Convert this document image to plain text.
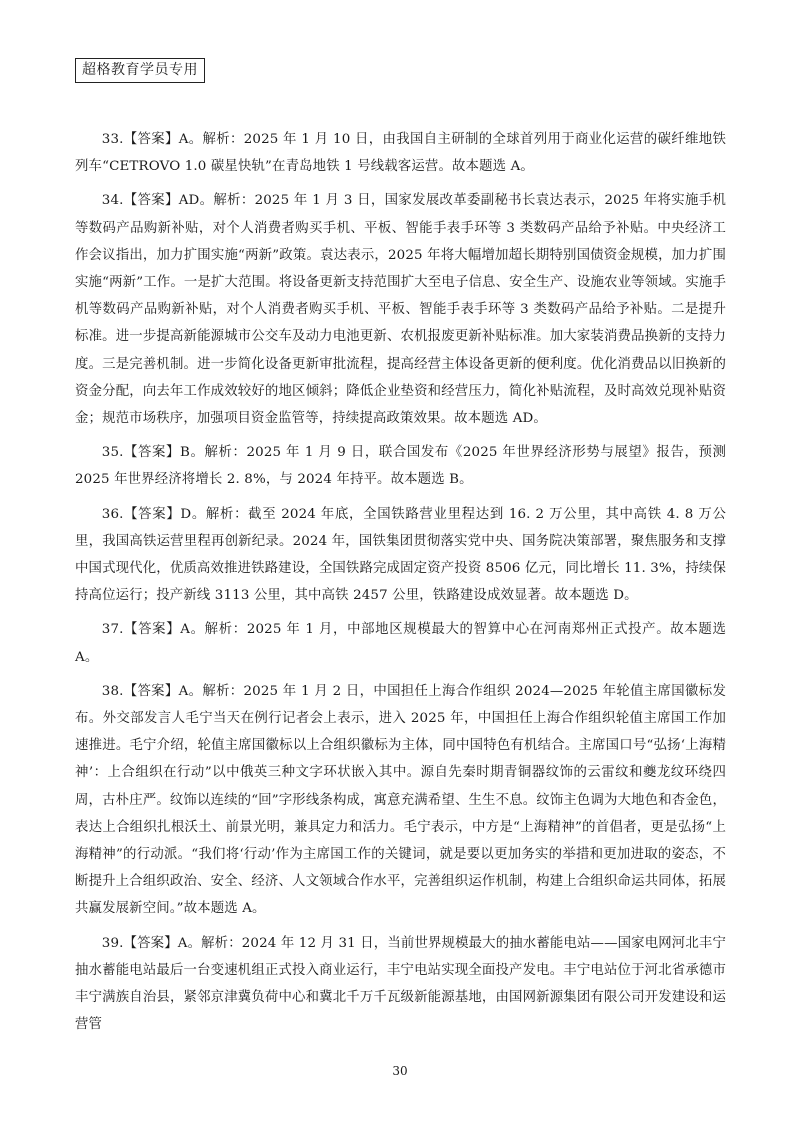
超格教育学员专用

33.【答案】A。解析：2025 年 1 月 10 日，由我国自主研制的全球首列用于商业化运营的碳纤维地铁列车“CETROVO 1.0 碳星快轨”在青岛地铁 1 号线载客运营。故本题选 A。

34.【答案】AD。解析：2025 年 1 月 3 日，国家发展改革委副秘书长袁达表示，2025 年将实施手机等数码产品购新补贴，对个人消费者购买手机、平板、智能手表手环等 3 类数码产品给予补贴。中央经济工作会议指出，加力扩围实施“两新”政策。袁达表示，2025 年将大幅增加超长期特别国债资金规模，加力扩围实施“两新”工作。一是扩大范围。将设备更新支持范围扩大至电子信息、安全生产、设施农业等领域。实施手机等数码产品购新补贴，对个人消费者购买手机、平板、智能手表手环等 3 类数码产品给予补贴。二是提升标准。进一步提高新能源城市公交车及动力电池更新、农机报废更新补贴标准。加大家装消费品换新的支持力度。三是完善机制。进一步简化设备更新审批流程，提高经营主体设备更新的便利度。优化消费品以旧换新的资金分配，向去年工作成效较好的地区倾斜；降低企业垫资和经营压力，简化补贴流程，及时高效兑现补贴资金；规范市场秩序，加强项目资金监管等，持续提高政策效果。故本题选 AD。

35.【答案】B。解析：2025 年 1 月 9 日，联合国发布《2025 年世界经济形势与展望》报告，预测 2025 年世界经济将增长 2. 8%，与 2024 年持平。故本题选 B。

36.【答案】D。解析：截至 2024 年底，全国铁路营业里程达到 16. 2 万公里，其中高铁 4. 8 万公里，我国高铁运营里程再创新纪录。2024 年，国铁集团贯彻落实党中央、国务院决策部署，聚焦服务和支撑中国式现代化，优质高效推进铁路建设，全国铁路完成固定资产投资 8506 亿元，同比增长 11. 3%，持续保持高位运行；投产新线 3113 公里，其中高铁 2457 公里，铁路建设成效显著。故本题选 D。

37.【答案】A。解析：2025 年 1 月，中部地区规模最大的智算中心在河南郑州正式投产。故本题选 A。

38.【答案】A。解析：2025 年 1 月 2 日，中国担任上海合作组织 2024—2025 年轮值主席国徽标发布。外交部发言人毛宁当天在例行记者会上表示，进入 2025 年，中国担任上海合作组织轮值主席国工作加速推进。毛宁介绍，轮值主席国徽标以上合组织徽标为主体，同中国特色有机结合。主席国口号“弘扬‘上海精神’：上合组织在行动”以中俄英三种文字环状嵌入其中。源自先秦时期青铜器纹饰的云雷纹和夔龙纹环绕四周，古朴庄严。纹饰以连续的“回”字形线条构成，寓意充满希望、生生不息。纹饰主色调为大地色和杏金色，表达上合组织扎根沃土、前景光明，兼具定力和活力。毛宁表示，中方是“上海精神”的首倡者，更是弘扬“上海精神”的行动派。“我们将‘行动’作为主席国工作的关键词，就是要以更加务实的举措和更加进取的姿态，不断提升上合组织政治、安全、经济、人文领域合作水平，完善组织运作机制，构建上合组织命运共同体，拓展共赢发展新空间。”故本题选 A。

39.【答案】A。解析：2024 年 12 月 31 日，当前世界规模最大的抽水蓄能电站——国家电网河北丰宁抽水蓄能电站最后一台变速机组正式投入商业运行，丰宁电站实现全面投产发电。丰宁电站位于河北省承德市丰宁满族自治县，紧邻京津冀负荷中心和冀北千万千瓦级新能源基地，由国网新源集团有限公司开发建设和运营管

30
